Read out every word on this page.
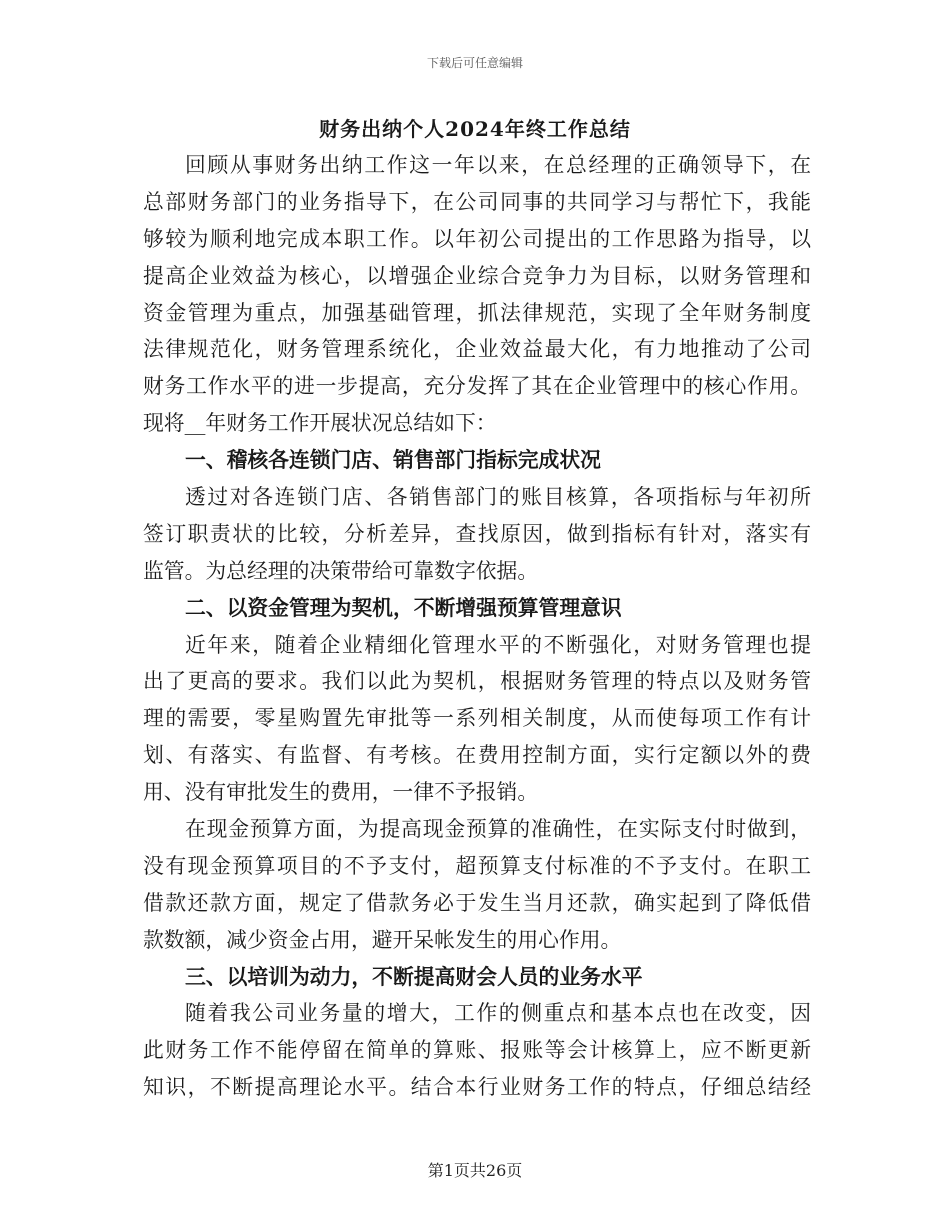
下载后可任意编辑
财务出纳个人2024年终工作总结
回顾从事财务出纳工作这一年以来，在总经理的正确领导下，在
总部财务部门的业务指导下，在公司同事的共同学习与帮忙下，我能
够较为顺利地完成本职工作。以年初公司提出的工作思路为指导，以
提高企业效益为核心，以增强企业综合竞争力为目标，以财务管理和
资金管理为重点，加强基础管理，抓法律规范，实现了全年财务制度
法律规范化，财务管理系统化，企业效益最大化，有力地推动了公司
财务工作水平的进一步提高，充分发挥了其在企业管理中的核心作用。
现将__年财务工作开展状况总结如下：
一、稽核各连锁门店、销售部门指标完成状况
透过对各连锁门店、各销售部门的账目核算，各项指标与年初所
签订职责状的比较，分析差异，查找原因，做到指标有针对，落实有
监管。为总经理的决策带给可靠数字依据。
二、以资金管理为契机，不断增强预算管理意识
近年来，随着企业精细化管理水平的不断强化，对财务管理也提
出了更高的要求。我们以此为契机，根据财务管理的特点以及财务管
理的需要，零星购置先审批等一系列相关制度，从而使每项工作有计
划、有落实、有监督、有考核。在费用控制方面，实行定额以外的费
用、没有审批发生的费用，一律不予报销。
在现金预算方面，为提高现金预算的准确性，在实际支付时做到，
没有现金预算项目的不予支付，超预算支付标准的不予支付。在职工
借款还款方面，规定了借款务必于发生当月还款，确实起到了降低借
款数额，减少资金占用，避开呆帐发生的用心作用。
三、以培训为动力，不断提高财会人员的业务水平
随着我公司业务量的增大，工作的侧重点和基本点也在改变，因
此财务工作不能停留在简单的算账、报账等会计核算上，应不断更新
知识，不断提高理论水平。结合本行业财务工作的特点，仔细总结经
第1页共26页
